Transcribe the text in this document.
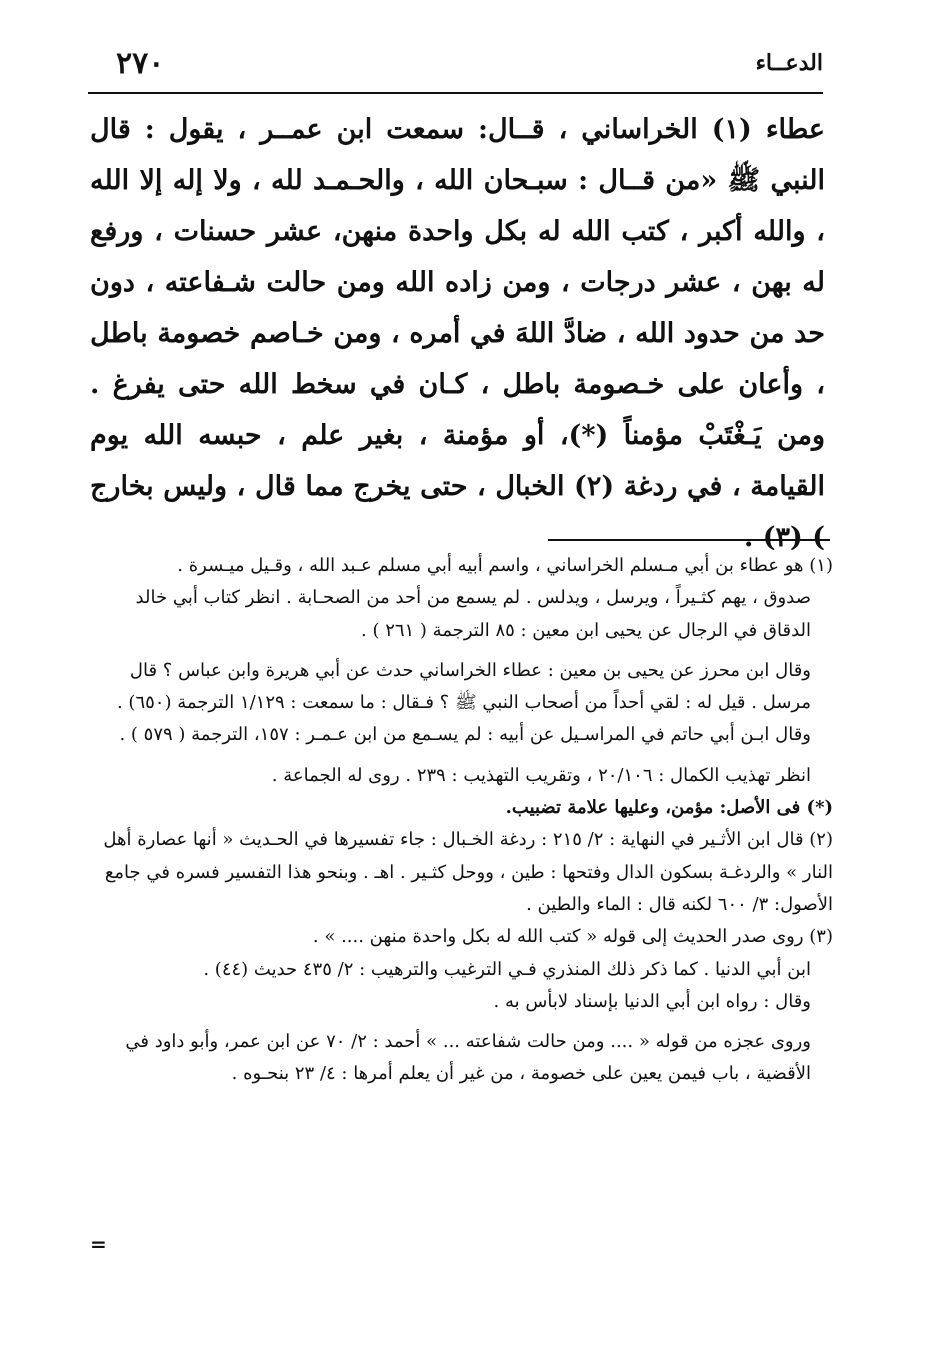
٢٧٠	الدعــاء

عطاء (١) الخراساني ، قــال: سمعت ابن عمــر ، يقول : قال النبي ﷺ «من قــال : سبـحان الله ، والحـمـد لله ، ولا إله إلا الله ، والله أكبر ، كتب الله له بكل واحدة منهن، عشر حسنات ، ورفع له بهن ، عشر درجات ، ومن زاده الله ومن حالت شـفاعته ، دون حد من حدود الله ، ضادَّ اللهَ في أمره ، ومن خـاصم خصومة باطل ، وأعان على خـصومة باطل ، كـان في سخط الله حتى يفرغ . ومن يَـغْتَبْ مؤمناً (*)، أو مؤمنة ، بغير علم ، حبسه الله يوم القيامة ، في ردغة (٢) الخبال ، حتى يخرج مما قال ، وليس بخارج ) (٣) .

(١) هو عطاء بن أبي مـسلم الخراساني ، واسم أبيه أبي مسلم عـبد الله ، وقـيل ميـسرة .

صدوق ، يهم كثـيراً ، ويرسل ، ويدلس . لم يسمع من أحد من الصحـابة . انظر كتاب أبي خالد الدقاق في الرجال عن يحيى ابن معين : ٨٥ الترجمة ( ٢٦١ ) .

وقال ابن محرز عن يحيى بن معين : عطاء الخراساني حدث عن أبي هريرة وابن عباس ؟ قال مرسل . قيل له : لقي أحداً من أصحاب النبي ﷺ ؟ فـقال : ما سمعت : ١/١٢٩ الترجمة (٦٥٠) . وقال ابـن أبي حاتم في المراسـيل عن أبيه : لم يسـمع من ابن عـمـر : ١٥٧، الترجمة ( ٥٧٩ ) .

انظر تهذيب الكمال : ٢٠/١٠٦ ، وتقريب التهذيب : ٢٣٩ . روى له الجماعة .

(*) فى الأصل: مؤمن، وعليها علامة تضبيب.

(٢) قال ابن الأثـير في النهاية : ٢/ ٢١٥ : ردغة الخـبال : جاء تفسيرها في الحـديث « أنها عصارة أهل النار » والردغـة بسكون الدال وفتحها : طين ، ووحل كثـير . اهـ . وبنحو هذا التفسير فسره في جامع الأصول: ٣/ ٦٠٠ لكنه قال : الماء والطين .

(٣) روى صدر الحديث إلى قوله « كتب الله له بكل واحدة منهن .... » .

ابن أبي الدنيا . كما ذكر ذلك المنذري فـي الترغيب والترهيب : ٢/ ٤٣٥ حديث (٤٤) .

وقال : رواه ابن أبي الدنيا بإسناد لابأس به .

وروى عجزه من قوله « .... ومن حالت شفاعته ... » أحمد : ٢/ ٧٠ عن ابن عمر، وأبو داود في الأقضية ، باب فيمن يعين على خصومة ، من غير أن يعلم أمرها : ٤/ ٢٣ بنحـوه .

=
